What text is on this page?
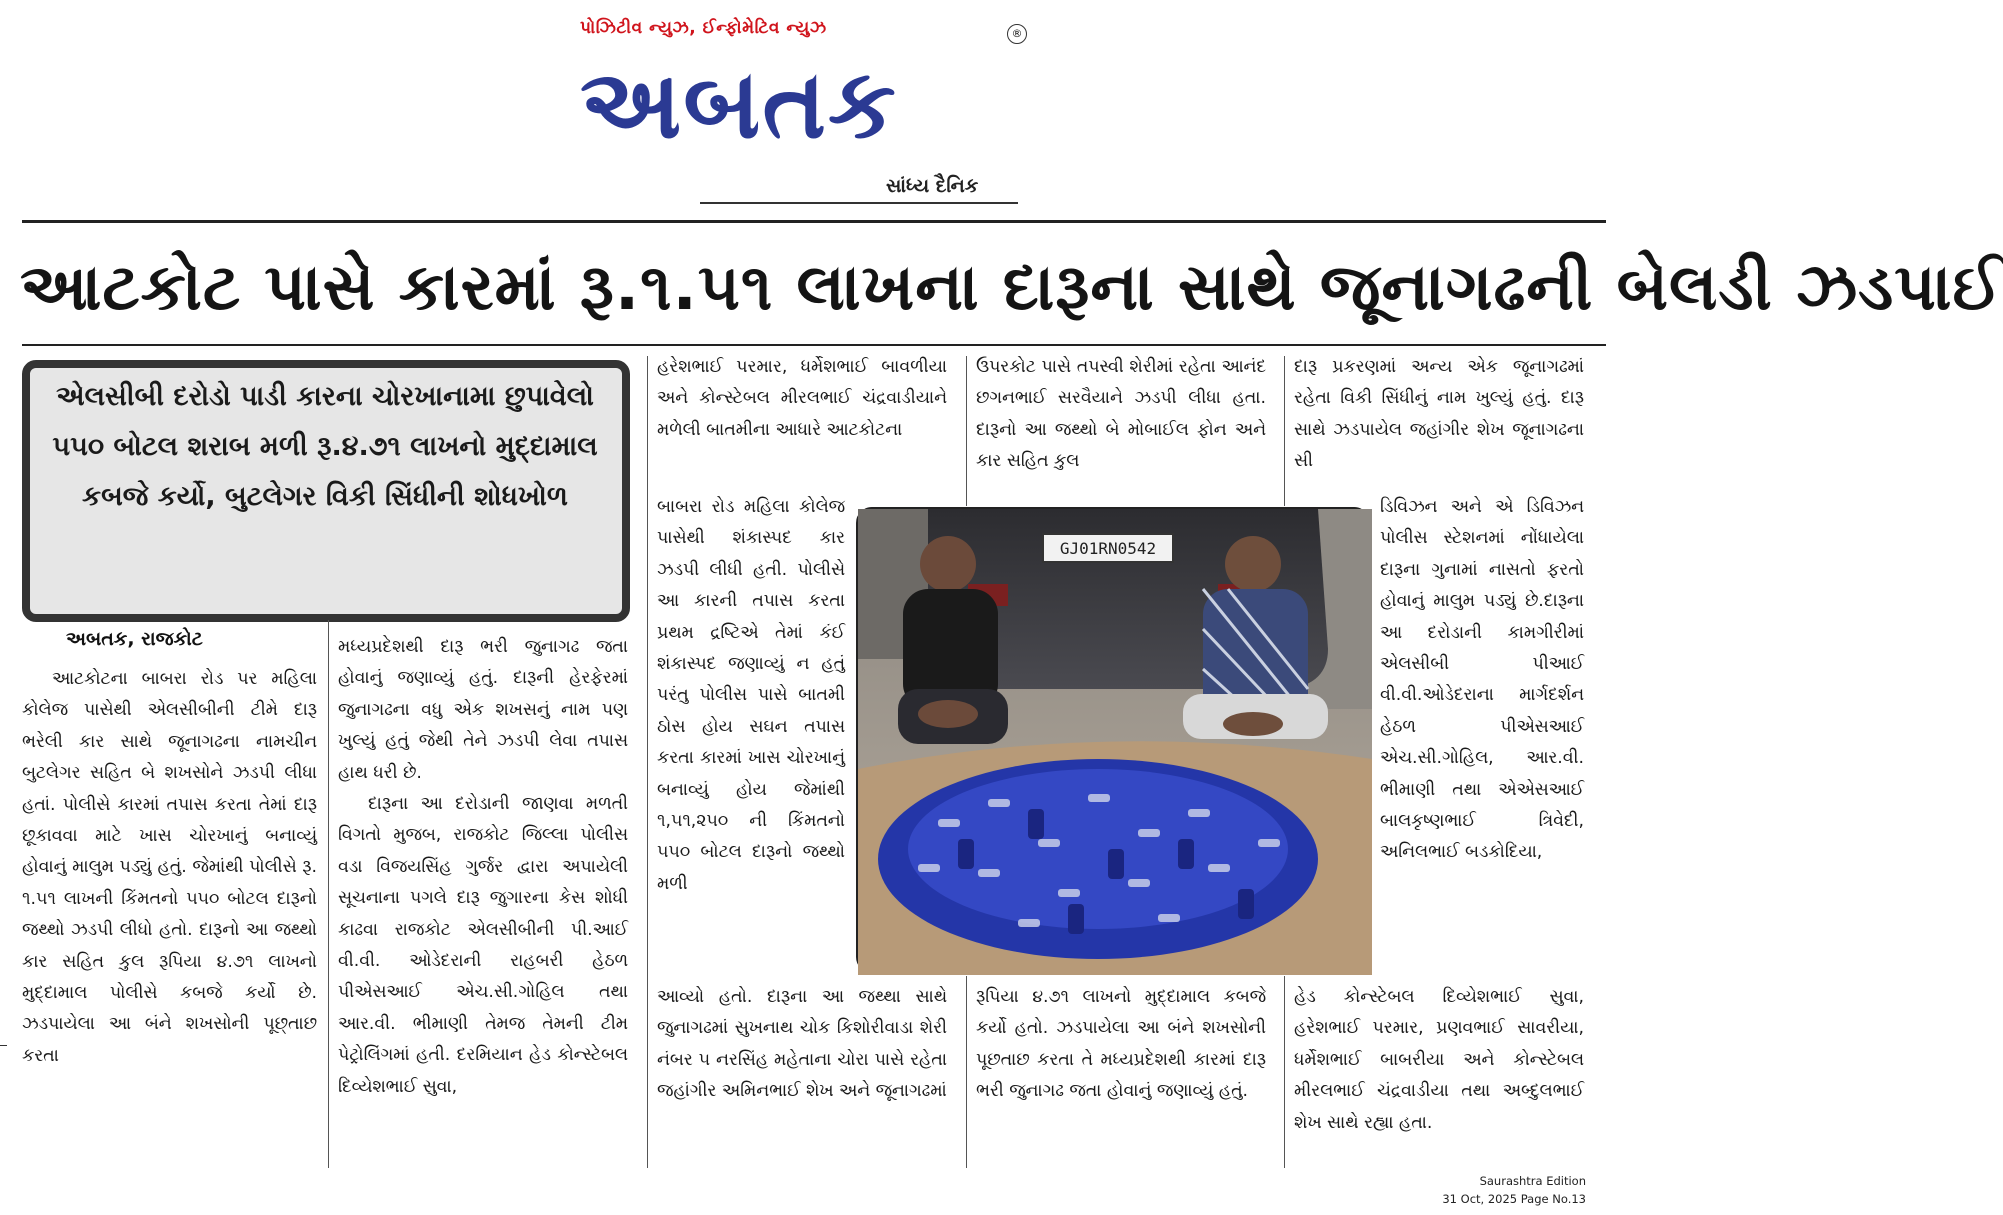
પોઝિટીવ ન્યુઝ, ઈન્ફોમેટિવ ન્યુઝ
અબતક
®
સાંધ્ય દૈનિક
આટકોટ પાસે કારમાં રૂ.૧.૫૧ લાખના દારૂના સાથે જૂનાગઢની બેલડી ઝડપાઈ
એલસીબી દરોડો પાડી કારના ચોરખાનામા છુપાવેલો ૫૫૦ બોટલ શરાબ મળી રૂ.૪.૭૧ લાખનો મુદ્દામાલ કબજે કર્યો, બુટલેગર વિકી સિંધીની શોધખોળ
અબતક, રાજકોટ

આટકોટના બાબરા રોડ પર મહિલા કોલેજ પાસેથી એલસીબીની ટીમે દારૂ ભરેલી કાર સાથે જૂનાગઢના નામચીન બુટલેગર સહિત બે શખસોને ઝડપી લીધા હતાં. પોલીસે કારમાં તપાસ કરતા તેમાં દારૂ છૂકાવવા માટે ખાસ ચોરખાનું બનાવ્યું હોવાનું માલુમ પડ્યું હતું. જેમાંથી પોલીસે રૂ. ૧.૫૧ લાખની કિંમતનો ૫૫૦ બોટલ દારૂનો જથ્થો ઝડપી લીધો હતો. દારૂનો આ જથ્થો કાર સહિત કુલ રૂપિયા ૪.૭૧ લાખનો મુદ્દામાલ પોલીસે કબજે કર્યો છે. ઝડપાયેલા આ બંને શખસોની પૂછ્તાછ કરતા

મધ્યપ્રદેશથી દારૂ ભરી જુનાગઢ જતા હોવાનું જણાવ્યું હતું. દારૂની હેરફેરમાં જુનાગઢના વધુ એક શખસનું નામ પણ ખુલ્યું હતું જેથી તેને ઝડપી લેવા તપાસ હાથ ધરી છે.

દારૂના આ દરોડાની જાણવા મળતી વિગતો મુજબ, રાજકોટ જિલ્લા પોલીસ વડા વિજયસિંહ ગુર્જર દ્વારા અપાયેલી સૂચનાના પગલે દારૂ જુગારના કેસ શોધી કાઢવા રાજકોટ એલસીબીની પી.આઈ વી.વી. ઓડેદરાની રાહબરી હેઠળ પીએસઆઈ એચ.સી.ગોહિલ તથા આર.વી. ભીમાણી તેમજ તેમની ટીમ પેટ્રોલિંગમાં હતી. દરમિયાન હેડ કોન્સ્ટેબલ દિવ્યેશભાઈ સુવા,

હરેશભાઈ પરમાર, ધર્મેશભાઈ બાવળીયા અને કોન્સ્ટેબલ મીરલભાઈ ચંદ્રવાડીયાને મળેલી બાતમીના આધારે આટકોટના

બાબરા રોડ મહિલા કોલેજ પાસેથી શંકાસ્પદ કાર ઝડપી લીધી હતી. પોલીસે આ કારની તપાસ કરતા પ્રથમ દ્રષ્ટિએ તેમાં કંઈ શંકાસ્પદ જણાવ્યું ન હતું પરંતુ પોલીસ પાસે બાતમી ઠોસ હોય સઘન તપાસ કરતા કારમાં ખાસ ચોરખાનું બનાવ્યું હોય જેમાંથી ૧,૫૧,૨૫૦ ની કિંમતનો ૫૫૦ બોટલ દારૂનો જથ્થો મળી

આવ્યો હતો. દારૂના આ જથ્થા સાથે જુનાગઢમાં સુખનાથ ચોક કિશોરીવાડા શેરી નંબર ૫ નરસિંહ મહેતાના ચોરા પાસે રહેતા જહાંગીર અમિનભાઈ શેખ અને જૂનાગઢમાં

ઉપરકોટ પાસે તપસ્વી શેરીમાં રહેતા આનંદ છગનભાઈ સરવૈયાને ઝડપી લીધા હતા. દારૂનો આ જથ્થો બે મોબાઈલ ફોન અને કાર સહિત કુલ

રૂપિયા ૪.૭૧ લાખનો મુદ્દામાલ કબજે કર્યો હતો. ઝડપાયેલા આ બંને શખસોની પૂછતાછ કરતા તે મધ્યપ્રદેશથી કારમાં દારૂ ભરી જુનાગઢ જતા હોવાનું જણાવ્યું હતું.

દારૂ પ્રકરણમાં અન્ય એક જૂનાગઢમાં રહેતા વિકી સિંધીનું નામ ખુલ્યું હતું. દારૂ સાથે ઝડપાયેલ જહાંગીર શેખ જૂનાગઢના સી

ડિવિઝન અને એ ડિવિઝન પોલીસ સ્ટેશનમાં નોંધાયેલા દારૂના ગુનામાં નાસતો ફરતો હોવાનું માલુમ પડ્યું છે.દારૂના આ દરોડાની કામગીરીમાં એલસીબી પીઆઈ વી.વી.ઓડેદરાના માર્ગદર્શન હેઠળ પીએસઆઈ એચ.સી.ગોહિલ, આર.વી. ભીમાણી તથા એએસઆઈ બાલકૃષ્ણભાઈ ત્રિવેદી, અનિલભાઈ બડકોદિયા,

હેડ કોન્સ્ટેબલ દિવ્યેશભાઈ સુવા, હરેશભાઈ પરમાર, પ્રણવભાઈ સાવરીયા, ધર્મેશભાઈ બાબરીયા અને કોન્સ્ટેબલ મીરલભાઈ ચંદ્રવાડીયા તથા અબ્દુલભાઈ શેખ સાથે રહ્યા હતા.

GJ01RN0542
Saurashtra Edition
31 Oct, 2025 Page No.13
